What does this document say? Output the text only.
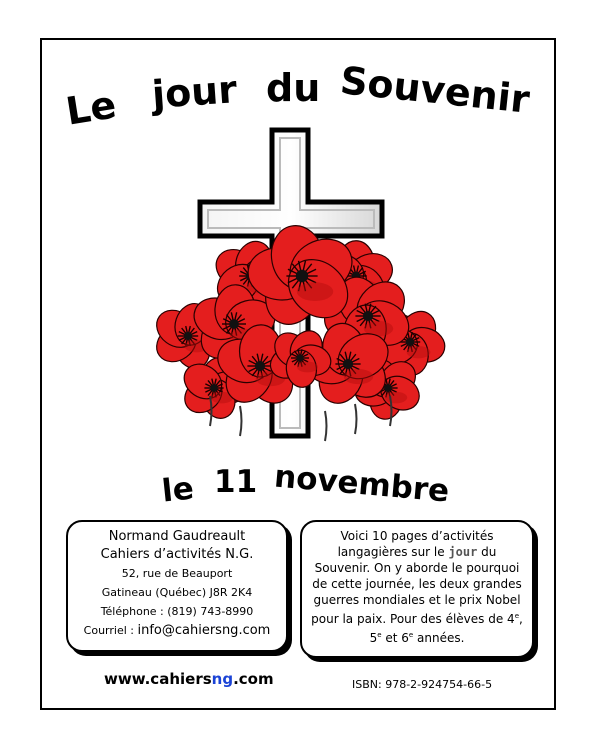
Le jour du Souvenir
le 11 novembre
Normand Gaudreault
Cahiers d’activités N.G.
52, rue de Beauport
Gatineau (Québec) J8R 2K4
Téléphone : (819) 743-8990
Courriel : info@cahiersng.com
Voici 10 pages d’activités langagières sur le jour du Souvenir. On y aborde le pourquoi de cette journée, les deux grandes guerres mondiales et le prix Nobel pour la paix. Pour des élèves de 4e, 5e et 6e années.
www.cahiersng.com	ISBN: 978-2-924754-66-5
